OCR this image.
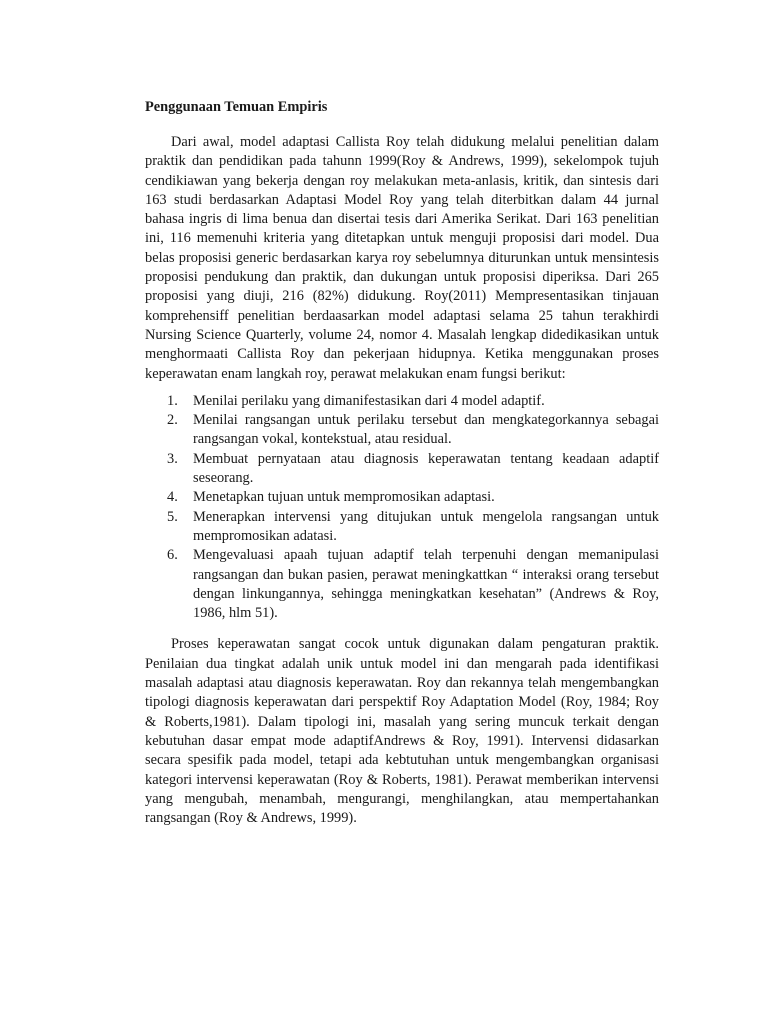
Penggunaan Temuan Empiris

Dari awal, model adaptasi Callista Roy telah didukung melalui penelitian dalam praktik dan pendidikan pada tahunn 1999(Roy & Andrews, 1999), sekelompok tujuh cendikiawan yang bekerja dengan roy melakukan meta-anlasis, kritik, dan sintesis dari 163 studi berdasarkan Adaptasi Model Roy yang telah diterbitkan dalam 44 jurnal bahasa ingris di lima benua dan disertai tesis dari Amerika Serikat. Dari 163 penelitian ini, 116 memenuhi kriteria yang ditetapkan untuk menguji proposisi dari model. Dua belas proposisi generic berdasarkan karya roy sebelumnya diturunkan untuk mensintesis proposisi pendukung dan praktik, dan dukungan untuk proposisi diperiksa. Dari 265 proposisi yang diuji, 216 (82%) didukung. Roy(2011) Mempresentasikan tinjauan komprehensiff penelitian berdaasarkan model adaptasi selama 25 tahun terakhirdi Nursing Science Quarterly, volume 24, nomor 4. Masalah lengkap didedikasikan untuk menghormaati Callista Roy dan pekerjaan hidupnya. Ketika menggunakan proses keperawatan enam langkah roy, perawat melakukan enam fungsi berikut:

1. Menilai perilaku yang dimanifestasikan dari 4 model adaptif.
2. Menilai rangsangan untuk perilaku tersebut dan mengkategorkannya sebagai rangsangan vokal, kontekstual, atau residual.
3. Membuat pernyataan atau diagnosis keperawatan tentang keadaan adaptif seseorang.
4. Menetapkan tujuan untuk mempromosikan adaptasi.
5. Menerapkan intervensi yang ditujukan untuk mengelola rangsangan untuk mempromosikan adatasi.
6. Mengevaluasi apaah tujuan adaptif telah terpenuhi dengan memanipulasi rangsangan dan bukan pasien, perawat meningkattkan “ interaksi orang tersebut dengan linkungannya, sehingga meningkatkan kesehatan” (Andrews & Roy, 1986, hlm 51).

Proses keperawatan sangat cocok untuk digunakan dalam pengaturan praktik. Penilaian dua tingkat adalah unik untuk model ini dan mengarah pada identifikasi masalah adaptasi atau diagnosis keperawatan. Roy dan rekannya telah mengembangkan tipologi diagnosis keperawatan dari perspektif Roy Adaptation Model (Roy, 1984; Roy & Roberts,1981). Dalam tipologi ini, masalah yang sering muncuk terkait dengan kebutuhan dasar empat mode adaptifAndrews & Roy, 1991). Intervensi didasarkan secara spesifik pada model, tetapi ada kebtutuhan untuk mengembangkan organisasi kategori intervensi keperawatan (Roy & Roberts, 1981). Perawat memberikan intervensi yang mengubah, menambah, mengurangi, menghilangkan, atau mempertahankan rangsangan (Roy & Andrews, 1999).
